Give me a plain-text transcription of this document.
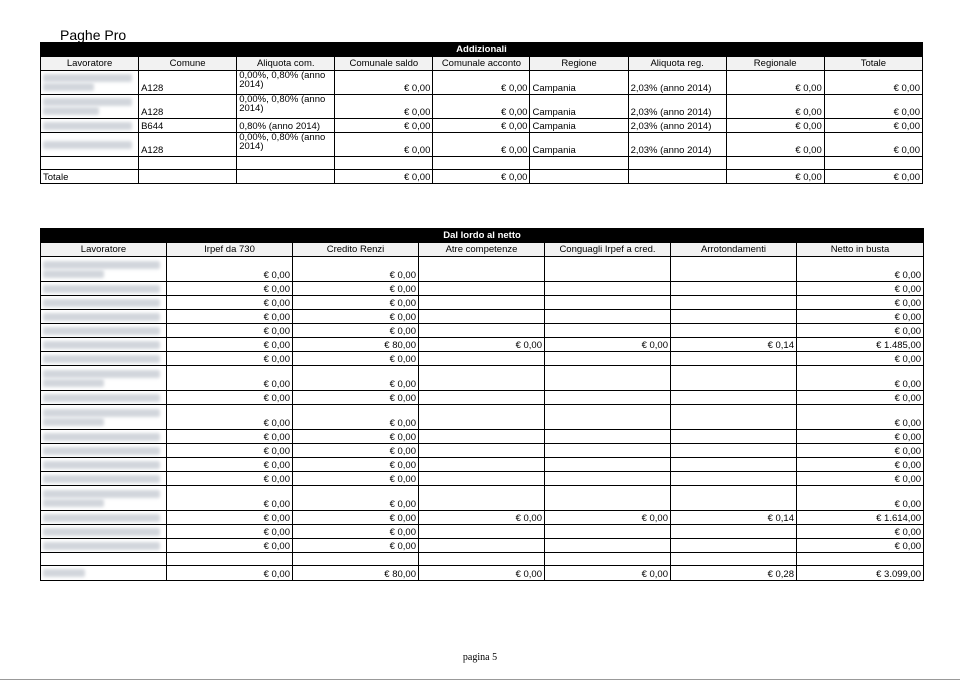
Paghe Pro
Addizionali								
Lavoratore	Comune	Aliquota com.	Comunale saldo	Comunale acconto	Regione	Aliquota reg.	Regionale	Totale

	A128	0,00%, 0,80% (anno 2014)	€ 0,00	€ 0,00	Campania	2,03% (anno 2014)	€ 0,00	€ 0,00

	A128	0,00%, 0,80% (anno 2014)	€ 0,00	€ 0,00	Campania	2,03% (anno 2014)	€ 0,00	€ 0,00

	B644	0,80% (anno 2014)	€ 0,00	€ 0,00	Campania	2,03% (anno 2014)	€ 0,00	€ 0,00

	A128	0,00%, 0,80% (anno 2014)	€ 0,00	€ 0,00	Campania	2,03% (anno 2014)	€ 0,00	€ 0,00

Totale			€ 0,00	€ 0,00			€ 0,00	€ 0,00
Dal lordo al netto						
Lavoratore	Irpef da 730	Credito Renzi	Atre competenze	Conguagli Irpef a cred.	Arrotondamenti	Netto in busta

	€ 0,00	€ 0,00				€ 0,00

	€ 0,00	€ 0,00				€ 0,00

	€ 0,00	€ 0,00				€ 0,00

	€ 0,00	€ 0,00				€ 0,00

	€ 0,00	€ 0,00				€ 0,00

	€ 0,00	€ 80,00	€ 0,00	€ 0,00	€ 0,14	€ 1.485,00

	€ 0,00	€ 0,00				€ 0,00

	€ 0,00	€ 0,00				€ 0,00

	€ 0,00	€ 0,00				€ 0,00

	€ 0,00	€ 0,00				€ 0,00

	€ 0,00	€ 0,00				€ 0,00

	€ 0,00	€ 0,00				€ 0,00

	€ 0,00	€ 0,00				€ 0,00

	€ 0,00	€ 0,00				€ 0,00

	€ 0,00	€ 0,00				€ 0,00

	€ 0,00	€ 0,00	€ 0,00	€ 0,00	€ 0,14	€ 1.614,00

	€ 0,00	€ 0,00				€ 0,00

	€ 0,00	€ 0,00				€ 0,00

	€ 0,00	€ 80,00	€ 0,00	€ 0,00	€ 0,28	€ 3.099,00
pagina 5
